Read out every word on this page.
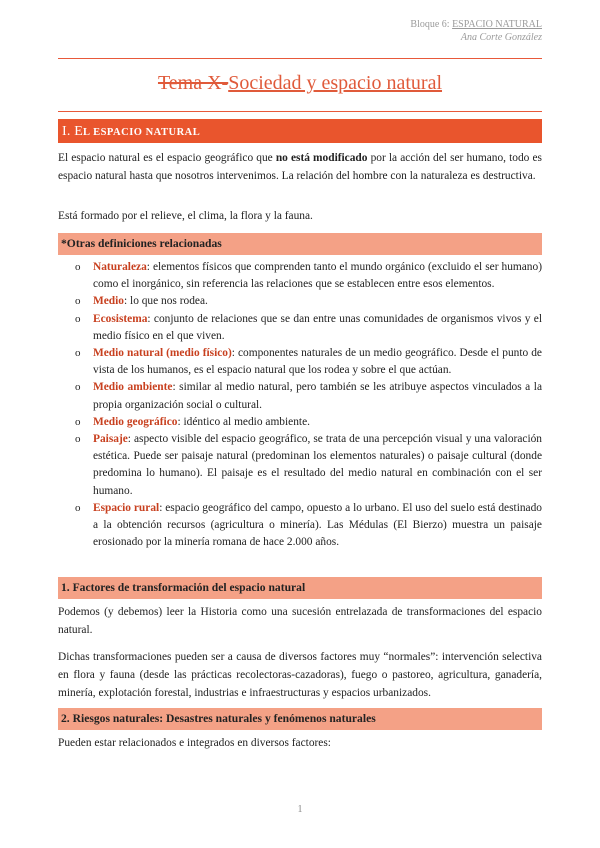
Bloque 6: ESPACIO NATURAL
Ana Corte González
Tema X-Sociedad y espacio natural
I. EL ESPACIO NATURAL
El espacio natural es el espacio geográfico que no está modificado por la acción del ser humano, todo es espacio natural hasta que nosotros intervenimos. La relación del hombre con la naturaleza es destructiva.
Está formado por el relieve, el clima, la flora y la fauna.
*Otras definiciones relacionadas
o Naturaleza: elementos físicos que comprenden tanto el mundo orgánico (excluido el ser humano) como el inorgánico, sin referencia las relaciones que se establecen entre esos elementos.
o Medio: lo que nos rodea.
o Ecosistema: conjunto de relaciones que se dan entre unas comunidades de organismos vivos y el medio físico en el que viven.
o Medio natural (medio físico): componentes naturales de un medio geográfico. Desde el punto de vista de los humanos, es el espacio natural que los rodea y sobre el que actúan.
o Medio ambiente: similar al medio natural, pero también se les atribuye aspectos vinculados a la propia organización social o cultural.
o Medio geográfico: idéntico al medio ambiente.
o Paisaje: aspecto visible del espacio geográfico, se trata de una percepción visual y una valoración estética. Puede ser paisaje natural (predominan los elementos naturales) o paisaje cultural (donde predomina lo humano). El paisaje es el resultado del medio natural en combinación con el ser humano.
o Espacio rural: espacio geográfico del campo, opuesto a lo urbano. El uso del suelo está destinado a la obtención recursos (agricultura o minería). Las Médulas (El Bierzo) muestra un paisaje erosionado por la minería romana de hace 2.000 años.
1. Factores de transformación del espacio natural
Podemos (y debemos) leer la Historia como una sucesión entrelazada de transformaciones del espacio natural.
Dichas transformaciones pueden ser a causa de diversos factores muy “normales”: intervención selectiva en flora y fauna (desde las prácticas recolectoras-cazadoras), fuego o pastoreo, agricultura, ganadería, minería, explotación forestal, industrias e infraestructuras y espacios urbanizados.
2. Riesgos naturales: Desastres naturales y fenómenos naturales
Pueden estar relacionados e integrados en diversos factores:
1
